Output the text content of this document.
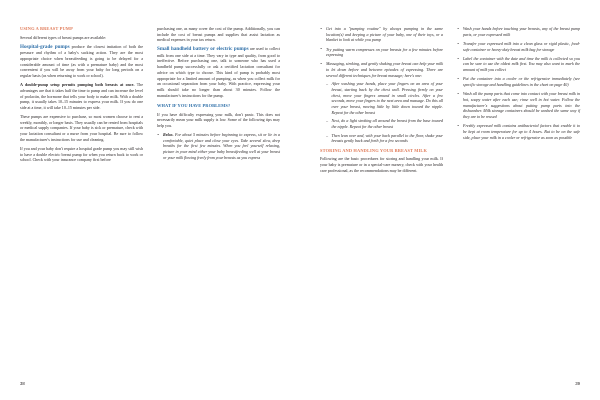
USING A BREAST PUMP

Several different types of breast pumps are available:

Hospital-grade pumps produce the closest imitation of both the pressure and rhythm of a baby's sucking action. They are the most appropriate choice when breastfeeding is going to be delayed for a considerable amount of time (as with a premature baby) and the most convenient if you will be away from your baby for long periods on a regular basis (as when returning to work or school).

A double-pump setup permits pumping both breasts at once. The advantages are that it takes half the time to pump and can increase the level of prolactin, the hormone that tells your body to make milk. With a double pump, it usually takes 10–15 minutes to express your milk. If you do one side at a time, it will take 10–15 minutes per side.

These pumps are expensive to purchase, so most women choose to rent a weekly, monthly, or longer basis. They usually can be rented from hospitals or medical supply companies. If your baby is sick or premature, check with your lactation consultant or a nurse from your hospital. Be sure to follow the manufacturer's instructions for use and cleaning.

If you and your baby don't require a hospital grade pump you may still wish to have a double electric breast pump for when you return back to work or school. Check with your insurance company first before

purchasing one, as many cover the cost of the pump. Additionally, you can include the cost of breast pumps and supplies that assist lactation as medical expenses in your tax return.

Small handheld battery or electric pumps are used to collect milk from one side at a time. They vary in type and quality, from good to ineffective. Before purchasing one, talk to someone who has used a handheld pump successfully or ask a certified lactation consultant for advice on which type to choose. This kind of pump is probably most appropriate for a limited amount of pumping, as when you collect milk for an occasional separation from your baby. With practice, expressing your milk should take no longer than about 30 minutes. Follow the manufacturer's instructions for the pump.

WHAT IF YOU HAVE PROBLEMS?

If you have difficulty expressing your milk, don't panic. This does not necessarily mean your milk supply is low. Some of the following tips may help you.

• Relax. For about 5 minutes before beginning to express, sit or lie in a comfortable, quiet place and close your eyes. Take several slow, deep breaths for the first few minutes. When you feel yourself relaxing, picture in your mind either your baby breastfeeding well at your breast or your milk flowing freely from your breasts as you express
38
• Get into a "pumping routine" by always pumping in the same location(s) and keeping a picture of your baby, one of their toys, or a blanket to look at while you pump
• Try putting warm compresses on your breasts for a few minutes before expressing
• Massaging, stroking, and gently shaking your breast can help your milk to let down before and between episodes of expressing. There are several different techniques for breast massage; here's one:
– After washing your hands, place your fingers on an area of your breast, starting back by the chest wall. Pressing firmly on your chest, move your fingers around in small circles. After a few seconds, move your fingers to the next area and massage. Do this all over your breast, moving little by little down toward the nipple. Repeat for the other breast
– Next, do a light stroking all around the breast from the base toward the nipple. Repeat for the other breast
– Then lean over and, with your back parallel to the floor, shake your breasts gently back and forth for a few seconds
STORING AND HANDLING YOUR BREAST MILK

Following are the basic procedures for storing and handling your milk. If your baby is premature or in a special-care nursery, check with your health care professional, as the recommendations may be different.

• Wash your hands before touching your breasts, any of the breast pump parts, or your expressed milk
• Transfer your expressed milk into a clean glass or rigid plastic, food-safe container or heavy-duty breast milk bag for storage
• Label the container with the date and time the milk is collected so you can be sure to use the oldest milk first. You may also want to mark the amount of milk you collect
• Put the container into a cooler or the refrigerator immediately (see specific storage and handling guidelines in the chart on page 40)
• Wash all the pump parts that come into contact with your breast milk in hot, soapy water after each use; rinse well in hot water. Follow the manufacturer's suggestions about putting pump parts into the dishwasher. Milk storage containers should be washed the same way if they are to be reused
• Freshly expressed milk contains antibacterial factors that enable it to be kept at room temperature for up to 4 hours. But to be on the safe side, place your milk in a cooler or refrigerator as soon as possible
39
